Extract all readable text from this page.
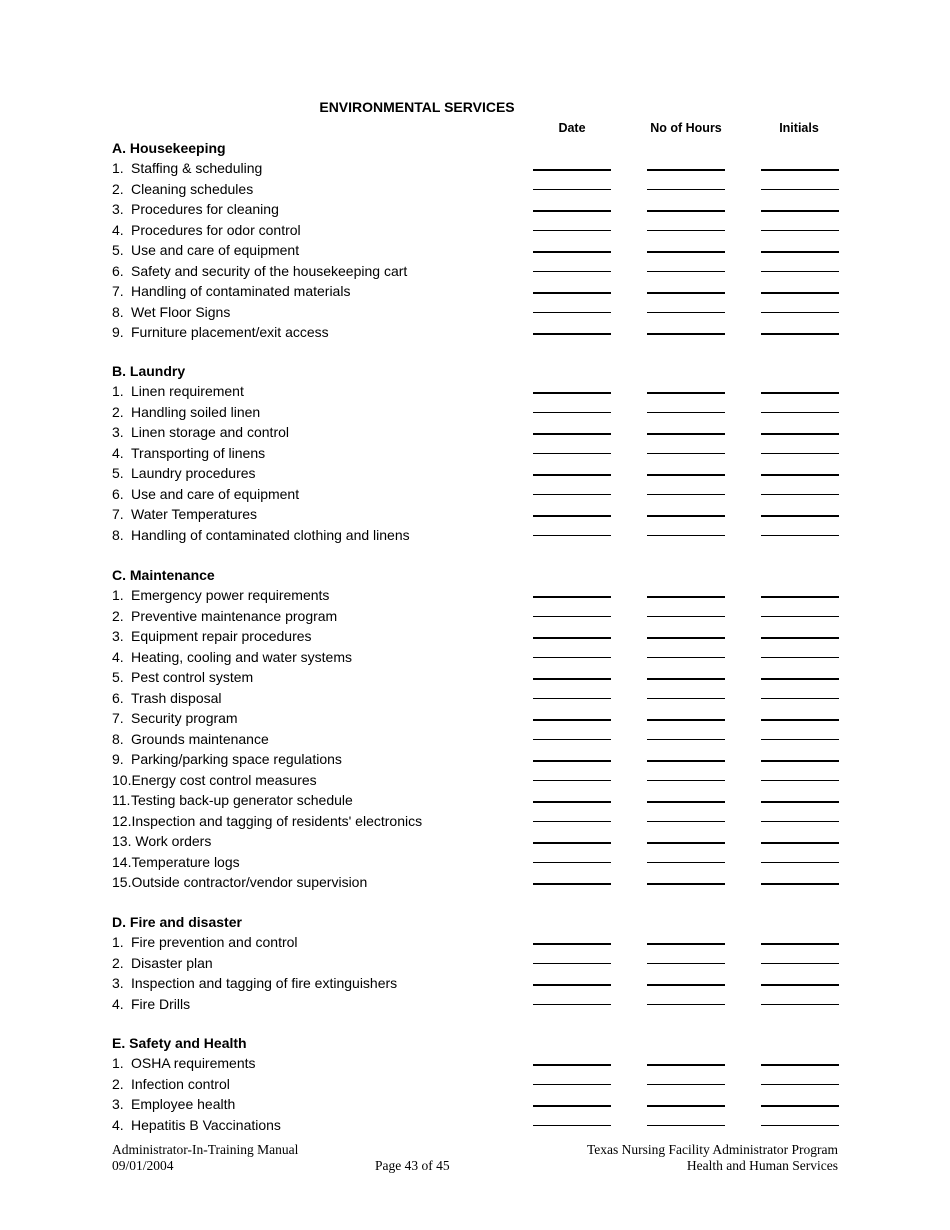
ENVIRONMENTAL SERVICES
Date	No of Hours	Initials
A. Housekeeping
1. Staffing & scheduling
2. Cleaning schedules
3. Procedures for cleaning
4. Procedures for odor control
5. Use and care of equipment
6. Safety and security of the housekeeping cart
7. Handling of contaminated materials
8. Wet Floor Signs
9. Furniture placement/exit access
B. Laundry
1. Linen requirement
2. Handling soiled linen
3. Linen storage and control
4. Transporting of linens
5. Laundry procedures
6. Use and care of equipment
7. Water Temperatures
8. Handling of contaminated clothing and linens
C. Maintenance
1. Emergency power requirements
2. Preventive maintenance program
3. Equipment repair procedures
4. Heating, cooling and water systems
5. Pest control system
6. Trash disposal
7. Security program
8. Grounds maintenance
9. Parking/parking space regulations
10.Energy cost control measures
11.Testing back-up generator schedule
12.Inspection and tagging of residents' electronics
13. Work orders
14.Temperature logs
15.Outside contractor/vendor supervision
D. Fire and disaster
1. Fire prevention and control
2. Disaster plan
3. Inspection and tagging of fire extinguishers
4. Fire Drills
E. Safety and Health
1. OSHA requirements
2. Infection control
3. Employee health
4. Hepatitis B Vaccinations
Administrator-In-Training Manual
09/01/2004	Page 43 of 45
Texas Nursing Facility Administrator Program
Health and Human Services
